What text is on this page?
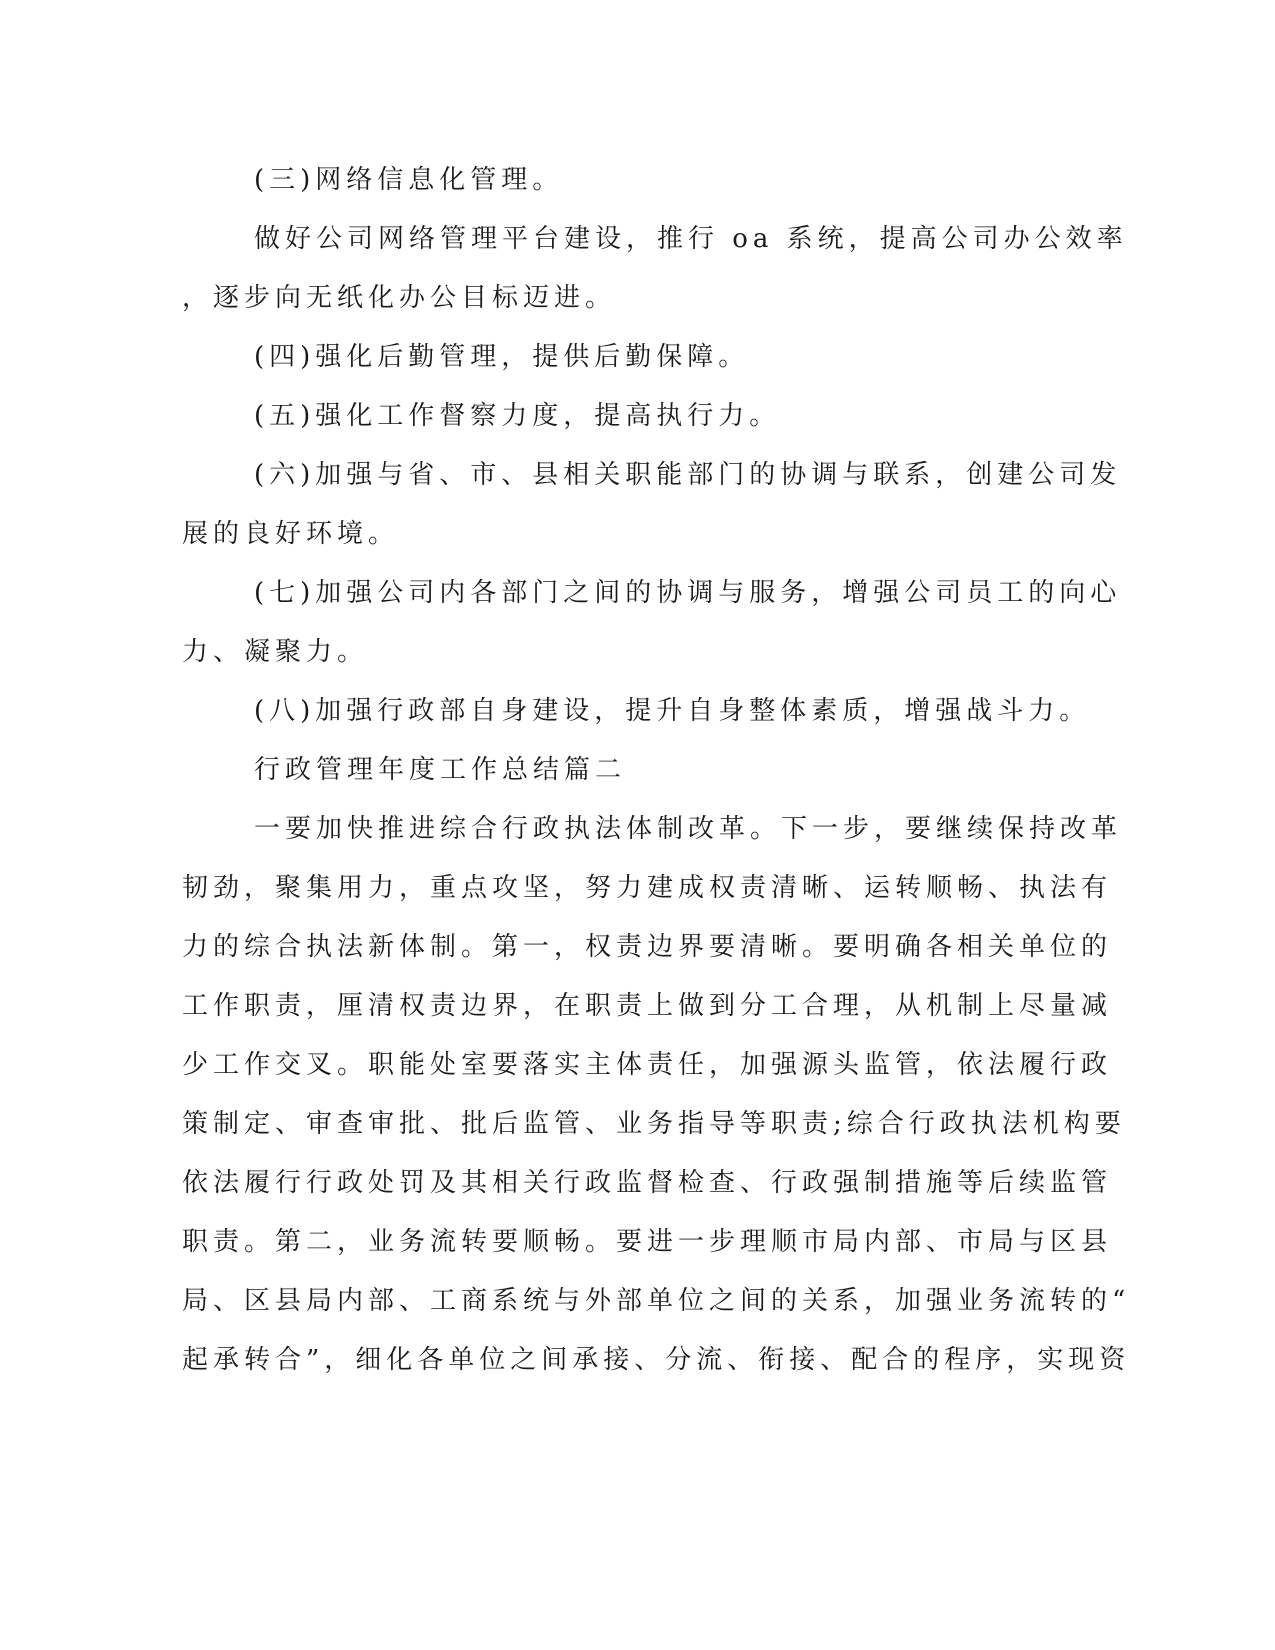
(三)网络信息化管理。
做好公司网络管理平台建设，推行 oa 系统，提高公司办公效率
，逐步向无纸化办公目标迈进。
(四)强化后勤管理，提供后勤保障。
(五)强化工作督察力度，提高执行力。
(六)加强与省、市、县相关职能部门的协调与联系，创建公司发
展的良好环境。
(七)加强公司内各部门之间的协调与服务，增强公司员工的向心
力、凝聚力。
(八)加强行政部自身建设，提升自身整体素质，增强战斗力。
行政管理年度工作总结篇二
一要加快推进综合行政执法体制改革。下一步，要继续保持改革
韧劲，聚集用力，重点攻坚，努力建成权责清晰、运转顺畅、执法有
力的综合执法新体制。第一，权责边界要清晰。要明确各相关单位的
工作职责，厘清权责边界，在职责上做到分工合理，从机制上尽量减
少工作交叉。职能处室要落实主体责任，加强源头监管，依法履行政
策制定、审查审批、批后监管、业务指导等职责;综合行政执法机构要
依法履行行政处罚及其相关行政监督检查、行政强制措施等后续监管
职责。第二，业务流转要顺畅。要进一步理顺市局内部、市局与区县
局、区县局内部、工商系统与外部单位之间的关系，加强业务流转的“
起承转合”，细化各单位之间承接、分流、衔接、配合的程序，实现资
